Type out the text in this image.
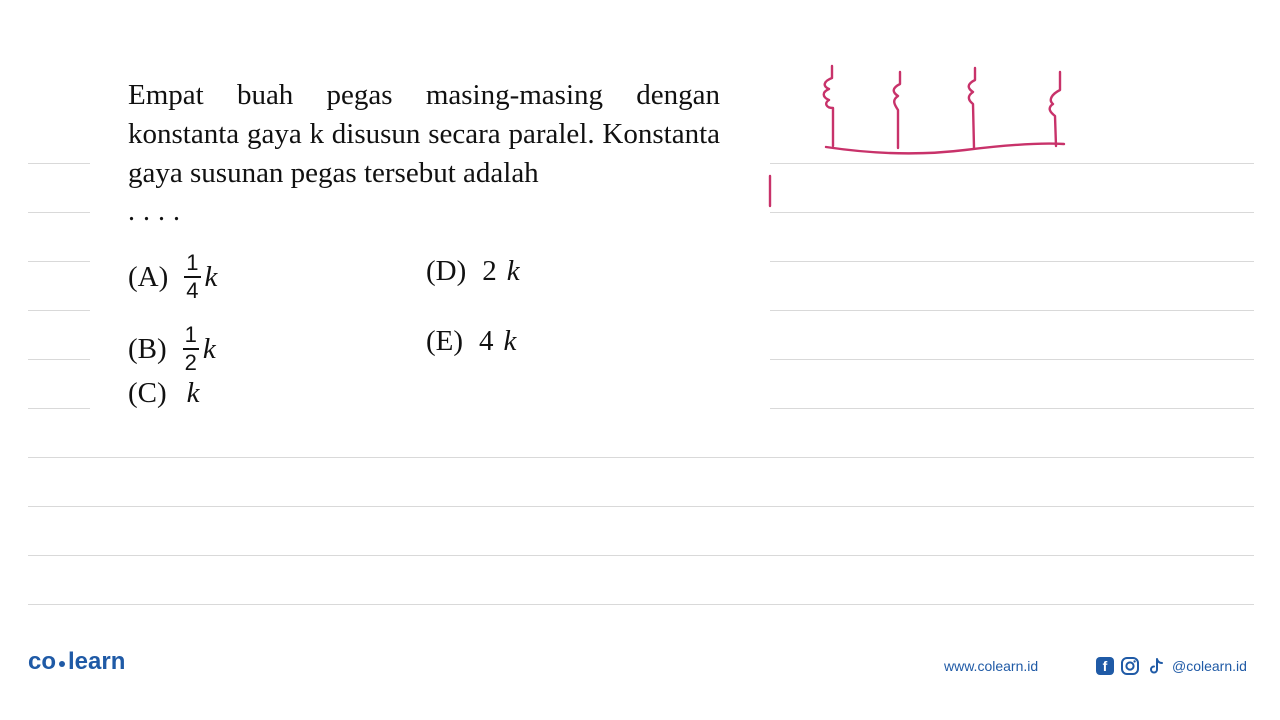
Empat buah pegas masing-masing dengan konstanta gaya k disusun secara paralel. Konstanta gaya susunan pegas tersebut adalah
....
$(A) \frac{1}{4}$ k
$(B) \frac{1}{2}$ k
(C) k
(D) 2 k
(E) 4 k
co learn	www.colearn.id	f	@colearn.id
